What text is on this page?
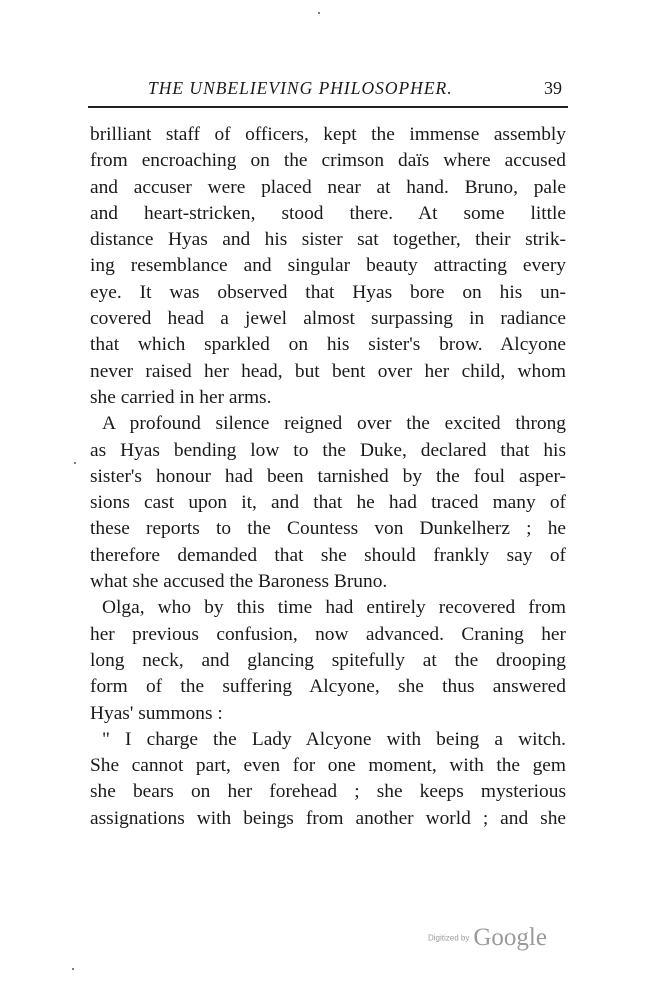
THE UNBELIEVING PHILOSOPHER.	39
brilliant staff of officers, kept the immense assembly
from encroaching on the crimson daïs where accused
and accuser were placed near at hand. Bruno, pale
and heart-stricken, stood there. At some little
distance Hyas and his sister sat together, their strik-
ing resemblance and singular beauty attracting every
eye. It was observed that Hyas bore on his un-
covered head a jewel almost surpassing in radiance
that which sparkled on his sister's brow. Alcyone
never raised her head, but bent over her child, whom
she carried in her arms.
A profound silence reigned over the excited throng
as Hyas bending low to the Duke, declared that his
sister's honour had been tarnished by the foul asper-
sions cast upon it, and that he had traced many of
these reports to the Countess von Dunkelherz ; he
therefore demanded that she should frankly say of
what she accused the Baroness Bruno.
Olga, who by this time had entirely recovered from
her previous confusion, now advanced. Craning her
long neck, and glancing spitefully at the drooping
form of the suffering Alcyone, she thus answered
Hyas' summons :
" I charge the Lady Alcyone with being a witch.
She cannot part, even for one moment, with the gem
she bears on her forehead ; she keeps mysterious
assignations with beings from another world ; and she
Digitized by Google
